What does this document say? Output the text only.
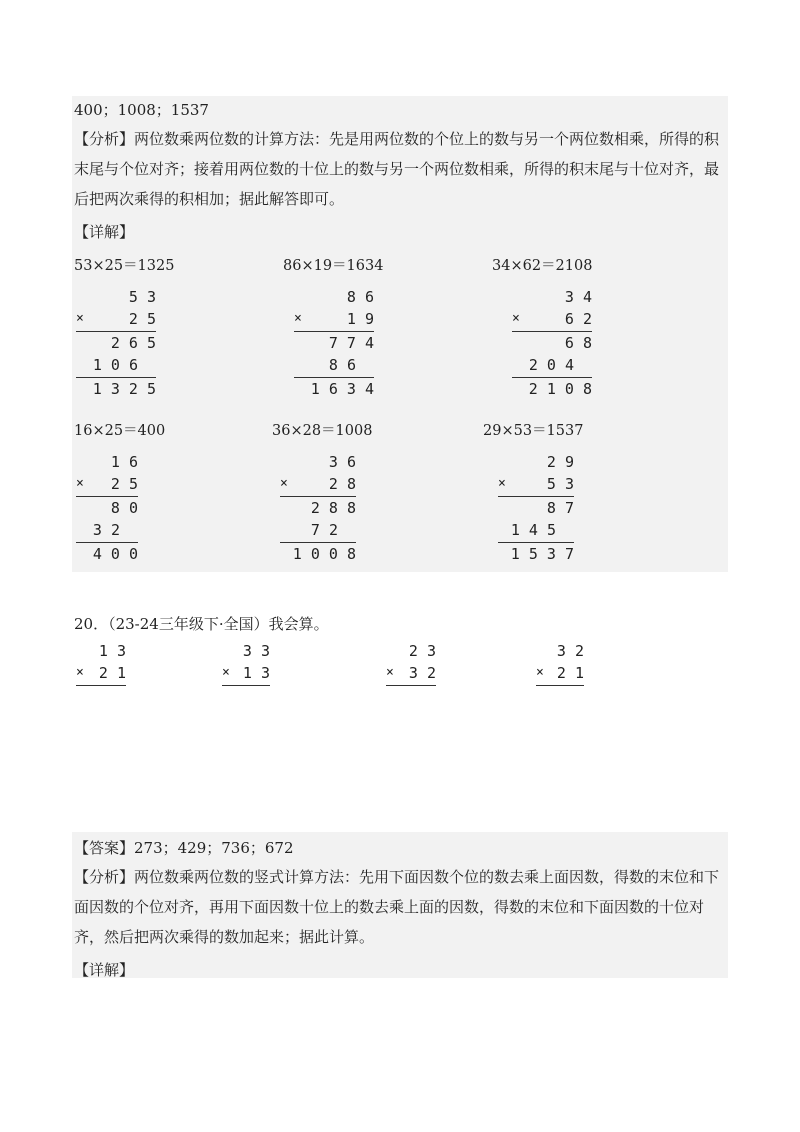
400；1008；1537
【分析】两位数乘两位数的计算方法：先是用两位数的个位上的数与另一个两位数相乘，所得的积末尾与个位对齐；接着用两位数的十位上的数与另一个两位数相乘，所得的积末尾与十位对齐，最后把两次乘得的积相加；据此解答即可。
【详解】
53×25＝1325	86×19＝1634	34×62＝2108
16×25＝400	36×28＝1008	29×53＝1537
5 3
×	2 5
2 6 5
1 0 6
1 3 2 5
8 6
×	1 9
7 7 4
8 6
1 6 3 4
3 4
×	6 2
6 8
2 0 4
2 1 0 8
1 6
× 2 5
8 0
3 2
4 0 0
3 6
×	2 8
2 8 8
7 2
1 0 0 8
2 9
×	5 3
8 7
1 4 5
1 5 3 7
20．（23-24三年级下·全国）我会算。
1 3
× 2 1
3 3
× 1 3
2 3
× 3 2
3 2
× 2 1
【答案】273；429；736；672
【分析】两位数乘两位数的竖式计算方法：先用下面因数个位的数去乘上面因数，得数的末位和下面因数的个位对齐，再用下面因数十位上的数去乘上面的因数，得数的末位和下面因数的十位对齐，然后把两次乘得的数加起来；据此计算。
【详解】
